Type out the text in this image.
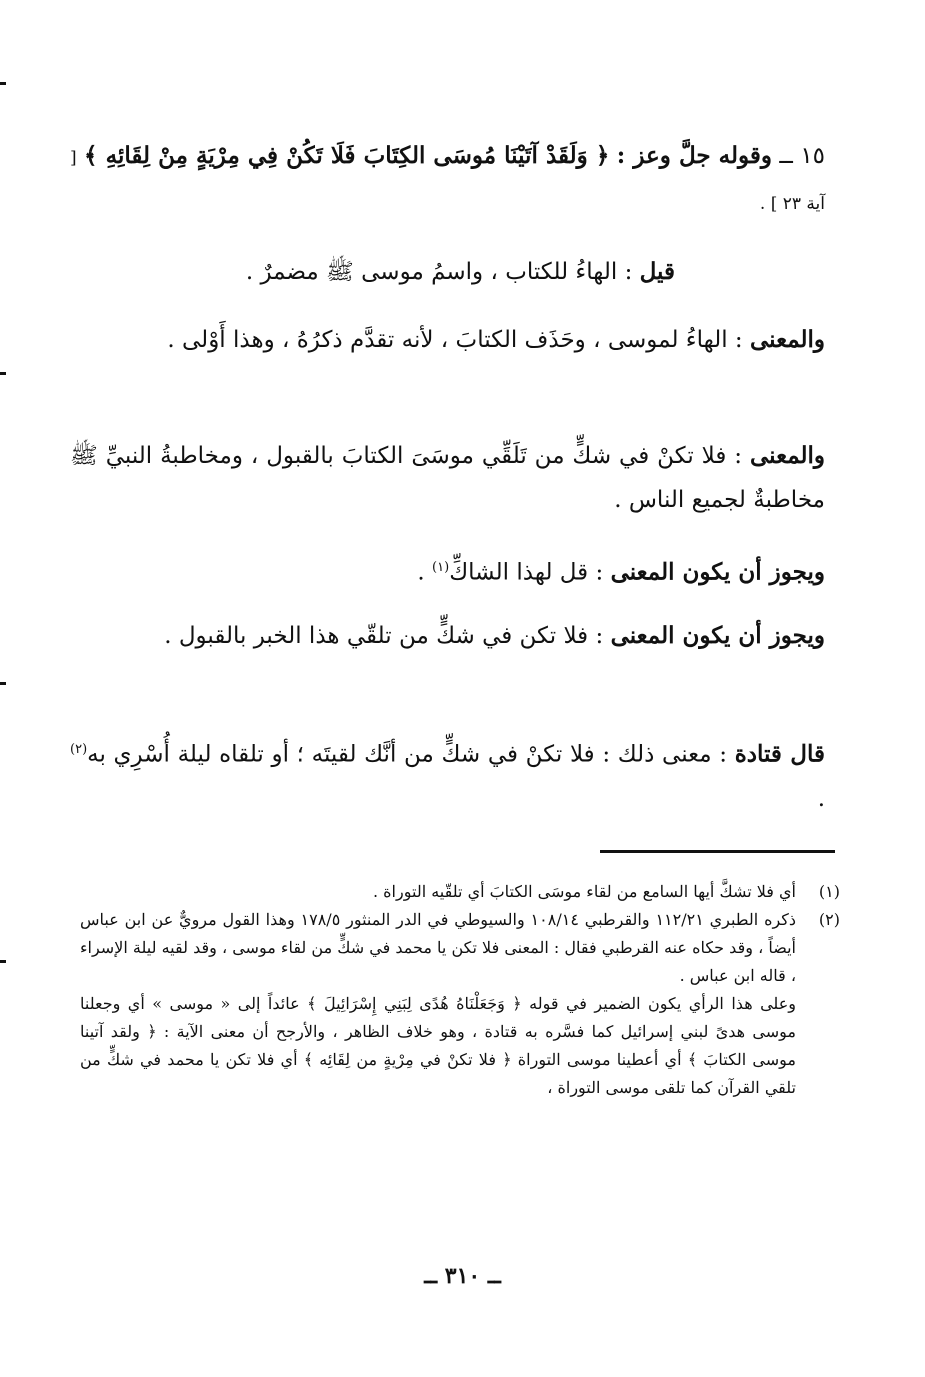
١٥ ــ وقوله جلَّ وعز : ﴿ وَلَقَدْ آتَيْنَا مُوسَى الكِتَابَ فَلَا تَكُنْ فِي مِرْيَةٍ مِنْ لِقَائِهِ ﴾ [ آية ٢٣ ] .
قيل : الهاءُ للكتاب ، واسمُ موسى ﷺ مضمرٌ .
والمعنى : الهاءُ لموسى ، وحَذَف الكتابَ ، لأنه تقدَّم ذكرُهُ ، وهذا أَوْلى .
والمعنى : فلا تكنْ في شكٍّ من تَلَقِّي موسَىَ الكتابَ بالقبول ، ومخاطبةُ النبيِّ ﷺ مخاطبةٌ لجميع الناس .
ويجوز أن يكون المعنى : قل لهذا الشاكِّ$^{(١)}$ .
ويجوز أن يكون المعنى : فلا تكن في شكٍّ من تلقّي هذا الخبر بالقبول .
قال قتادة : معنى ذلك : فلا تكنْ في شكٍّ من أنَّك لقيتَه ؛ أو تلقاه ليلة أُسْرِي به$^{(٢)}$ .
(١)
أي فلا تشكَّ أيها السامع من لقاء موسَى الكتابَ أي تلقّيه التوراة .
(٢)
ذكره الطبري ١١٢/٢١ والقرطبي ١٠٨/١٤ والسيوطي في الدر المنثور ١٧٨/٥ وهذا القول مرويٌّ عن ابن عباس أيضاً ، وقد حكاه عنه القرطبي فقال : المعنى فلا تكن يا محمد في شكٍّ من لقاء موسى ، وقد لقيه ليلة الإسراء ، قاله ابن عباس .
وعلى هذا الرأي يكون الضمير في قوله ﴿ وَجَعَلْنَاهُ هُدًى لِبَنِي إِسْرَائِيلَ ﴾ عائداً إلى « موسى » أي وجعلنا موسى هدىً لبني إسرائيل كما فسَّره به قتادة ، وهو خلاف الظاهر ، والأرجح أن معنى الآية : ﴿ ولقد آتينا موسى الكتابَ ﴾ أي أعطينا موسى التوراة ﴿ فلا تكنْ في مِرْيةٍ من لِقَائِه ﴾ أي فلا تكن يا محمد في شكٍّ من تلقي القرآن كما تلقى موسى التوراة ،
ــ ٣١٠ ــ
